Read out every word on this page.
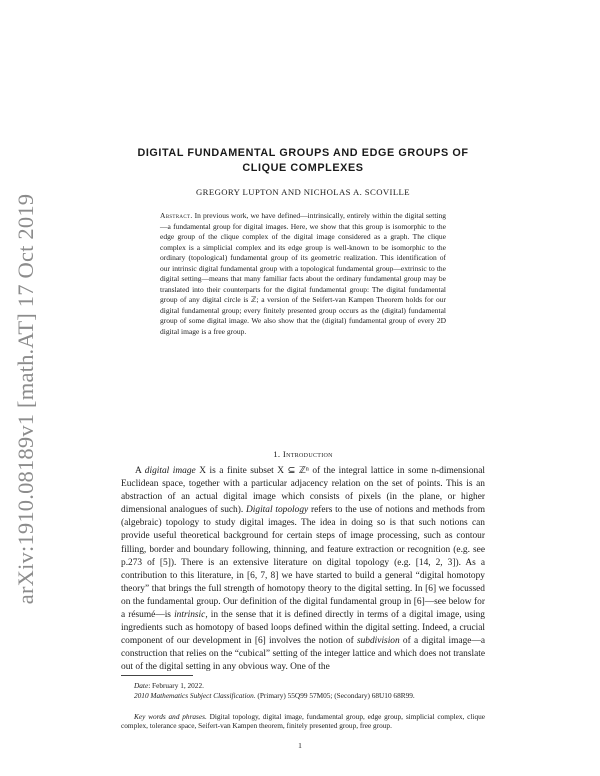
arXiv:1910.08189v1 [math.AT] 17 Oct 2019
DIGITAL FUNDAMENTAL GROUPS AND EDGE GROUPS OF CLIQUE COMPLEXES
GREGORY LUPTON AND NICHOLAS A. SCOVILLE

Abstract. In previous work, we have defined—intrinsically, entirely within the digital setting—a fundamental group for digital images. Here, we show that this group is isomorphic to the edge group of the clique complex of the digital image considered as a graph. The clique complex is a simplicial complex and its edge group is well-known to be isomorphic to the ordinary (topological) fundamental group of its geometric realization. This identification of our intrinsic digital fundamental group with a topological fundamental group—extrinsic to the digital setting—means that many familiar facts about the ordinary fundamental group may be translated into their counterparts for the digital fundamental group: The digital fundamental group of any digital circle is ℤ; a version of the Seifert-van Kampen Theorem holds for our digital fundamental group; every finitely presented group occurs as the (digital) fundamental group of some digital image. We also show that the (digital) fundamental group of every 2D digital image is a free group.

1. Introduction

A digital image X is a finite subset X ⊆ ℤⁿ of the integral lattice in some n-dimensional Euclidean space, together with a particular adjacency relation on the set of points. This is an abstraction of an actual digital image which consists of pixels (in the plane, or higher dimensional analogues of such). Digital topology refers to the use of notions and methods from (algebraic) topology to study digital images. The idea in doing so is that such notions can provide useful theoretical background for certain steps of image processing, such as contour filling, border and boundary following, thinning, and feature extraction or recognition (e.g. see p.273 of [5]). There is an extensive literature on digital topology (e.g. [14, 2, 3]). As a contribution to this literature, in [6, 7, 8] we have started to build a general “digital homotopy theory” that brings the full strength of homotopy theory to the digital setting. In [6] we focussed on the fundamental group. Our definition of the digital fundamental group in [6]—see below for a résumé—is intrinsic, in the sense that it is defined directly in terms of a digital image, using ingredients such as homotopy of based loops defined within the digital setting. Indeed, a crucial component of our development in [6] involves the notion of subdivision of a digital image—a construction that relies on the “cubical” setting of the integer lattice and which does not translate out of the digital setting in any obvious way. One of the

Date: February 1, 2022.

2010 Mathematics Subject Classification. (Primary) 55Q99 57M05; (Secondary) 68U10 68R99.

Key words and phrases. Digital topology, digital image, fundamental group, edge group, simplicial complex, clique complex, tolerance space, Seifert-van Kampen theorem, finitely presented group, free group.

1
